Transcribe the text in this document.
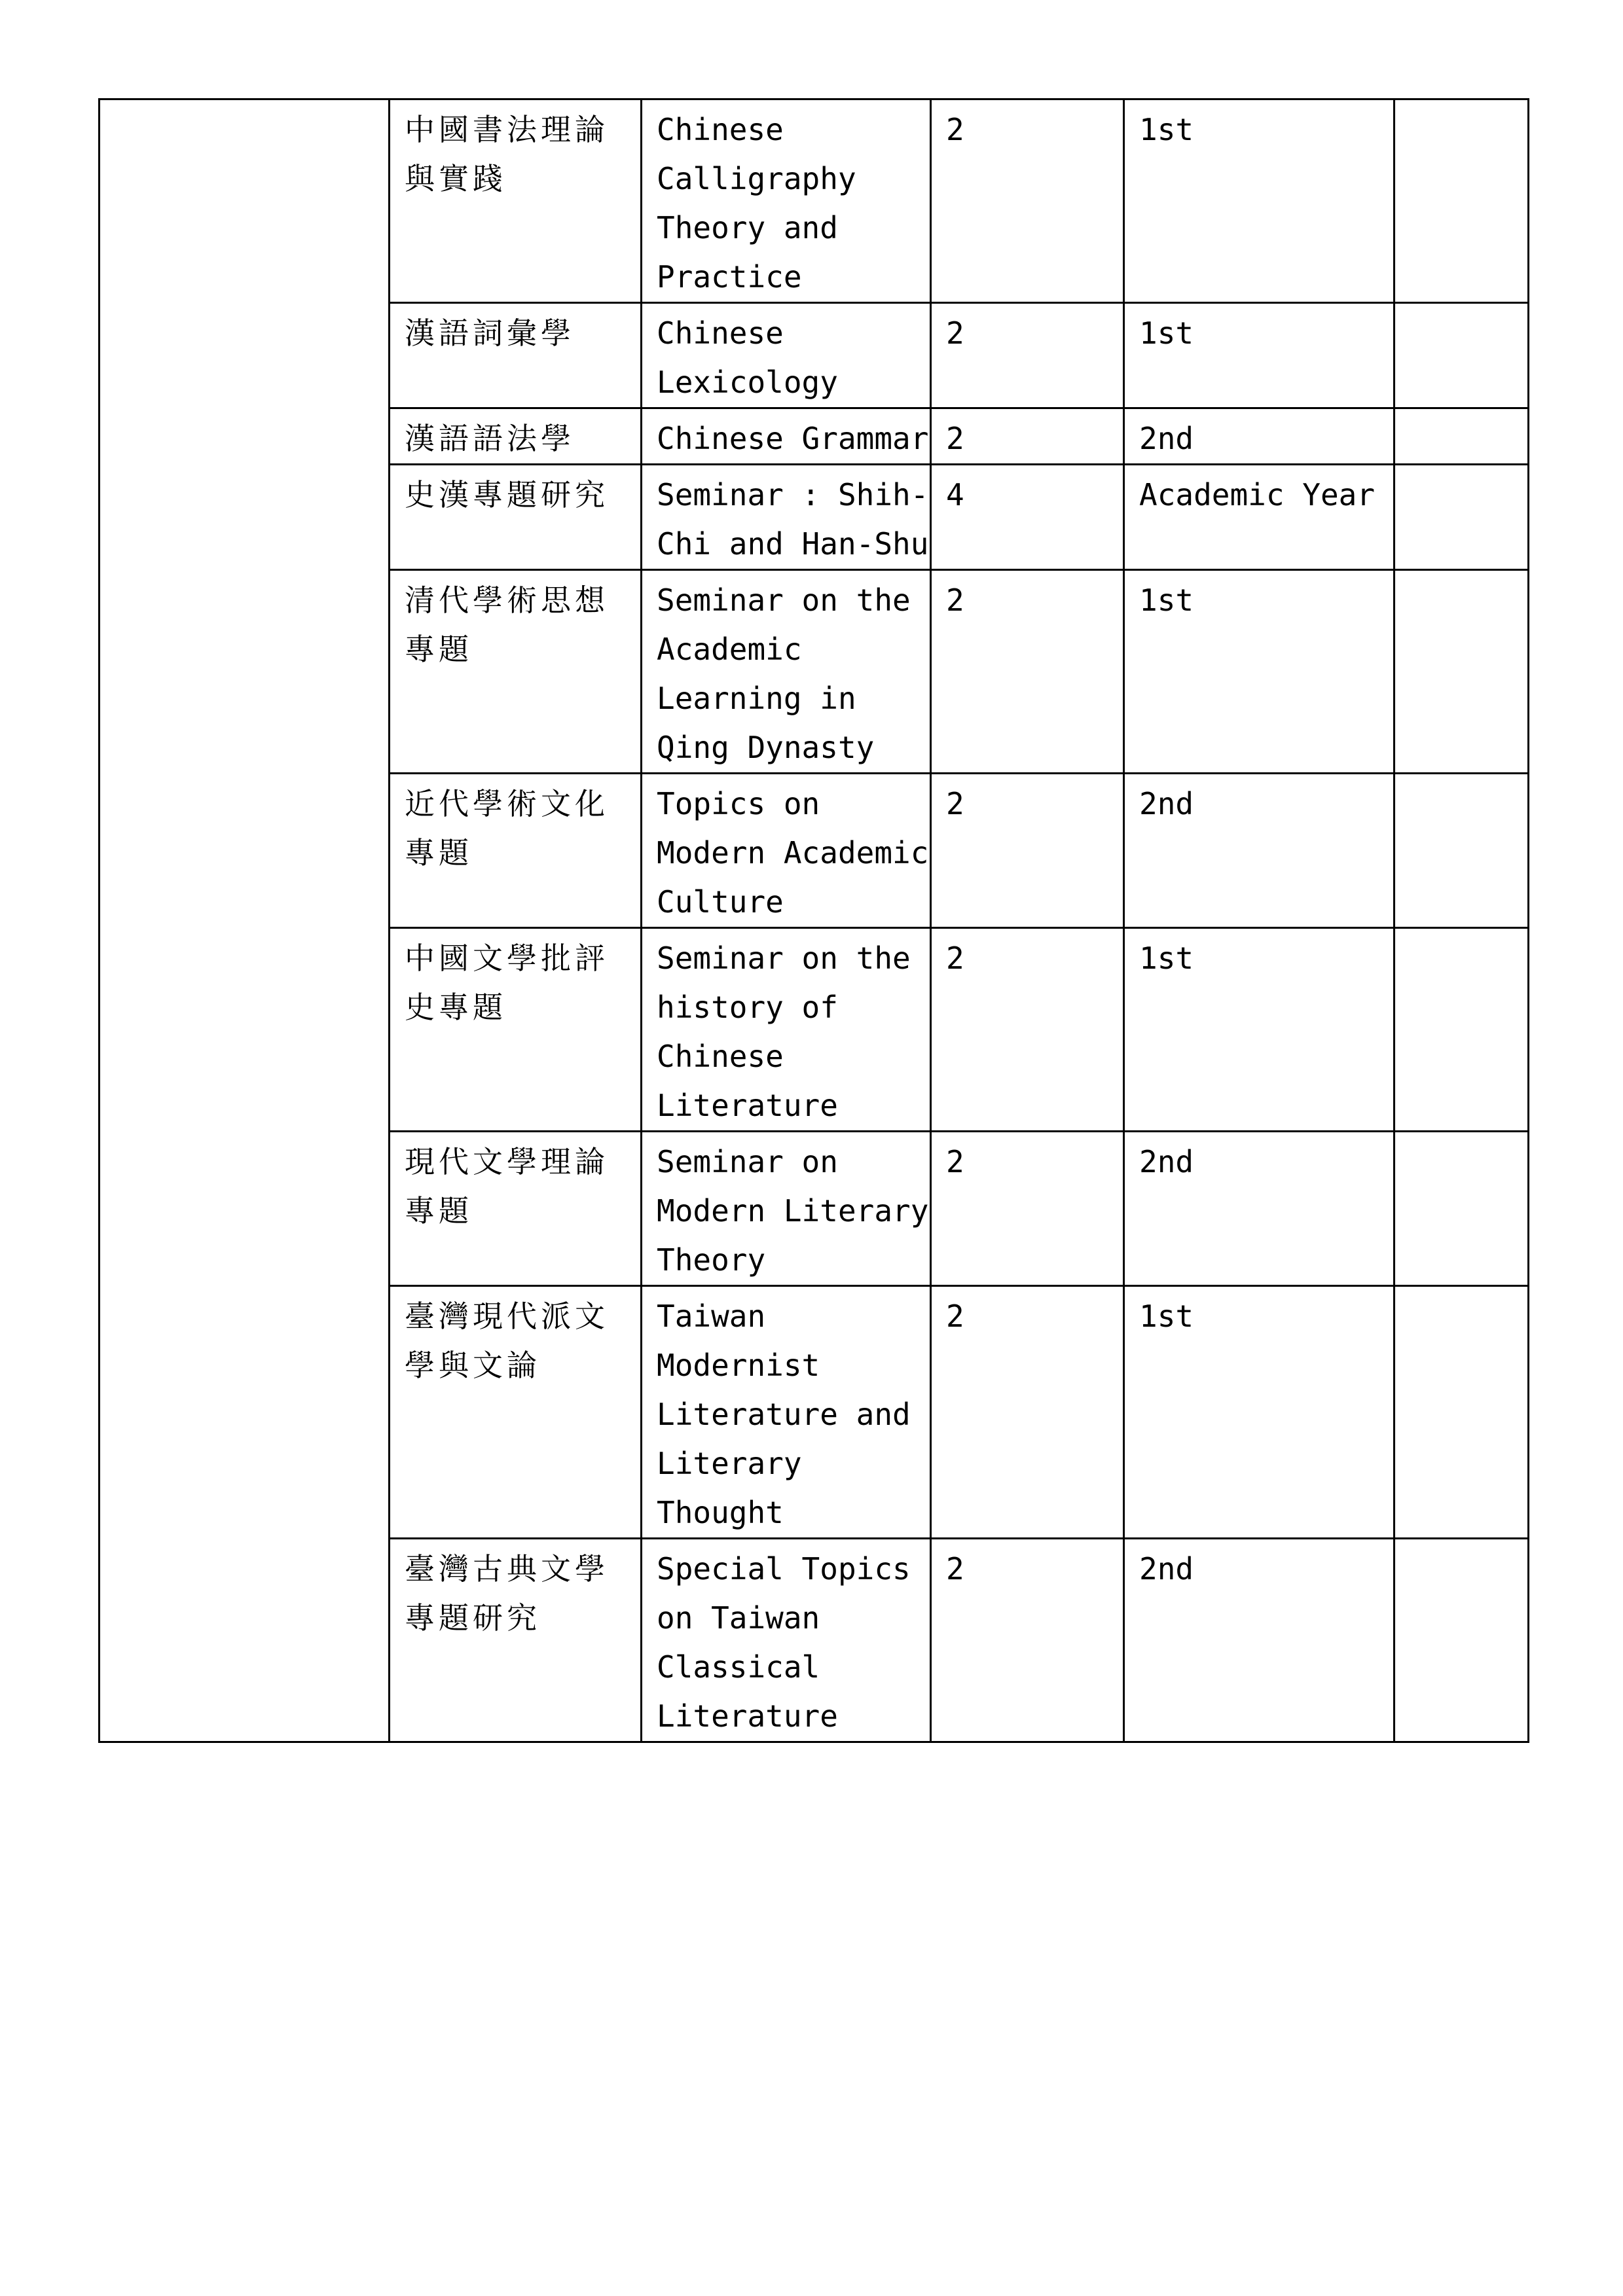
	中國書法理論與實踐	Chinese Calligraphy Theory and Practice	2	1st	
	漢語詞彙學	Chinese Lexicology	2	1st	
	漢語語法學	Chinese Grammar	2	2nd	
	史漢專題研究	Seminar : Shih-Chi and Han-Shu	4	Academic Year	
	清代學術思想專題	Seminar on the Academic Learning in Qing Dynasty	2	1st	
	近代學術文化專題	Topics on Modern Academic Culture	2	2nd	
	中國文學批評史專題	Seminar on the history of Chinese Literature	2	1st	
	現代文學理論專題	Seminar on Modern Literary Theory	2	2nd	
	臺灣現代派文學與文論	Taiwan Modernist Literature and Literary Thought	2	1st	
	臺灣古典文學專題研究	Special Topics on Taiwan Classical Literature	2	2nd	
